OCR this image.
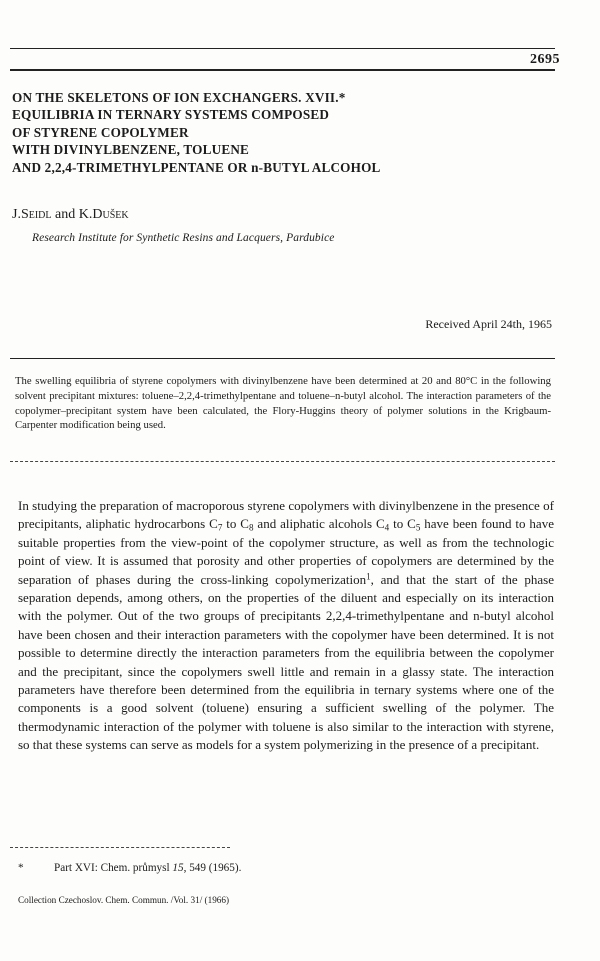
2695
ON THE SKELETONS OF ION EXCHANGERS. XVII.*
EQUILIBRIA IN TERNARY SYSTEMS COMPOSED
OF STYRENE COPOLYMER
WITH DIVINYLBENZENE, TOLUENE
AND 2,2,4-TRIMETHYLPENTANE OR n-BUTYL ALCOHOL
J.Seidl and K.Dušek
Research Institute for Synthetic Resins and Lacquers, Pardubice
Received April 24th, 1965
The swelling equilibria of styrene copolymers with divinylbenzene have been determined at 20 and 80°C in the following solvent precipitant mixtures: toluene–2,2,4-trimethylpentane and toluene–n-butyl alcohol. The interaction parameters of the copolymer–precipitant system have been calculated, the Flory-Huggins theory of polymer solutions in the Krigbaum-Carpenter modification being used.
In studying the preparation of macroporous styrene copolymers with divinylbenzene in the presence of precipitants, aliphatic hydrocarbons $C_7$ to $C_8$ and aliphatic alcohols $C_4$ to $C_5$ have been found to have suitable properties from the view-point of the copolymer structure, as well as from the technologic point of view. It is assumed that porosity and other properties of copolymers are determined by the separation of phases during the cross-linking copolymerization$^1$, and that the start of the phase separation depends, among others, on the properties of the diluent and especially on its interaction with the polymer. Out of the two groups of precipitants 2,2,4-trimethylpentane and n-butyl alcohol have been chosen and their interaction parameters with the copolymer have been determined. It is not possible to determine directly the interaction parameters from the equilibria between the copolymer and the precipitant, since the copolymers swell little and remain in a glassy state. The interaction parameters have therefore been determined from the equilibria in ternary systems where one of the components is a good solvent (toluene) ensuring a sufficient swelling of the polymer. The thermodynamic interaction of the polymer with toluene is also similar to the interaction with styrene, so that these systems can serve as models for a system polymerizing in the presence of a precipitant.
*	Part XVI: Chem. průmysl 15, 549 (1965).
Collection Czechoslov. Chem. Commun. /Vol. 31/ (1966)
